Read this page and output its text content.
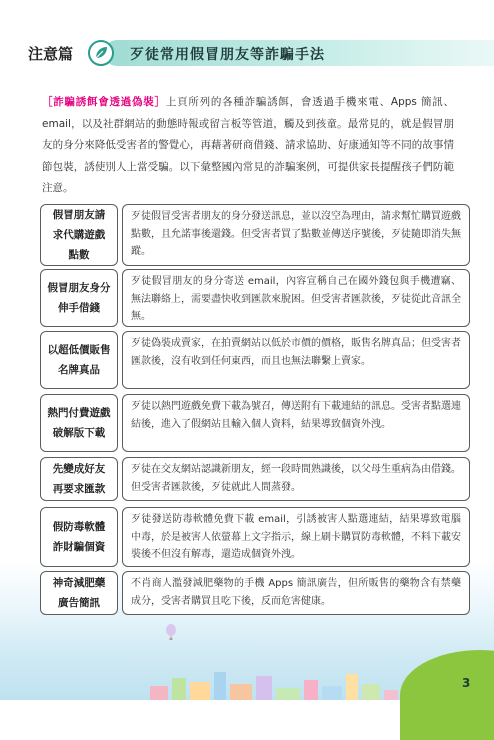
注意篇	歹徒常用假冒朋友等詐騙手法
［詐騙誘餌會透過偽裝］上頁所列的各種詐騙誘餌，會透過手機來電、Apps 簡訊、email，以及社群網站的動態時報或留言板等管道，觸及到孩童。最常見的，就是假冒朋友的身分來降低受害者的警覺心，再藉著研商借錢、請求協助、好康通知等不同的故事情節包裝，誘使別人上當受騙。以下彙整國內常見的詐騙案例，可提供家長提醒孩子們防範注意。
假冒朋友請
求代購遊戲
點數
歹徒假冒受害者朋友的身分發送訊息，並以沒空為理由，請求幫忙購買遊戲點數，且允諾事後還錢。但受害者買了點數並傳送序號後，歹徒隨即消失無蹤。
假冒朋友身分
伸手借錢
歹徒假冒朋友的身分寄送 email，內容宣稱自己在國外錢包與手機遭竊、無法聯絡上，需要盡快收到匯款來脫困。但受害者匯款後，歹徒從此音訊全無。
以超低價販售
名牌真品
歹徒偽裝成賣家，在拍賣網站以低於市價的價格，販售名牌真品；但受害者匯款後，沒有收到任何東西，而且也無法聯繫上賣家。
熱門付費遊戲
破解版下載
歹徒以熱門遊戲免費下載為號召，傳送附有下載連結的訊息。受害者點選連結後，進入了假網站且輸入個人資料，結果導致個資外洩。
先變成好友
再要求匯款
歹徒在交友網站認識新朋友，經一段時間熟識後，以父母生重病為由借錢。但受害者匯款後，歹徒就此人間蒸發。
假防毒軟體
詐財騙個資
歹徒發送防毒軟體免費下載 email，引誘被害人點選連結，結果導致電腦中毒，於是被害人依螢幕上文字指示，線上刷卡購買防毒軟體，不料下載安裝後不但沒有解毒，還造成個資外洩。
神奇減肥藥
廣告簡訊
不肖商人濫發減肥藥物的手機 Apps 簡訊廣告，但所販售的藥物含有禁藥成分，受害者購買且吃下後，反而危害健康。
3
